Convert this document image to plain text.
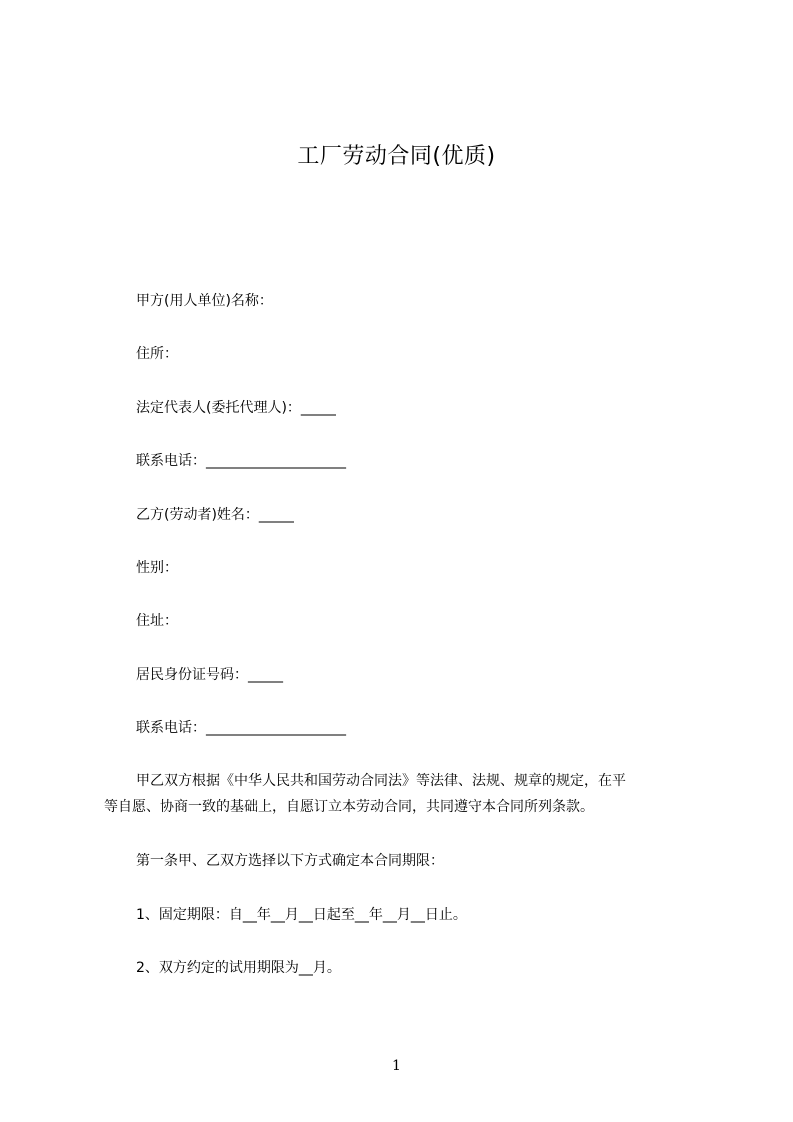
工厂劳动合同(优质)
甲方(用人单位)名称：
住所：
法定代表人(委托代理人)：_____
联系电话：____________________
乙方(劳动者)姓名：_____
性别：
住址：
居民身份证号码：_____
联系电话：____________________
甲乙双方根据《中华人民共和国劳动合同法》等法律、法规、规章的规定，在平
等自愿、协商一致的基础上，自愿订立本劳动合同，共同遵守本合同所列条款。
第一条甲、乙双方选择以下方式确定本合同期限：
1、固定期限：自__年__月__日起至__年__月__日止。
2、双方约定的试用期限为__月。
1
